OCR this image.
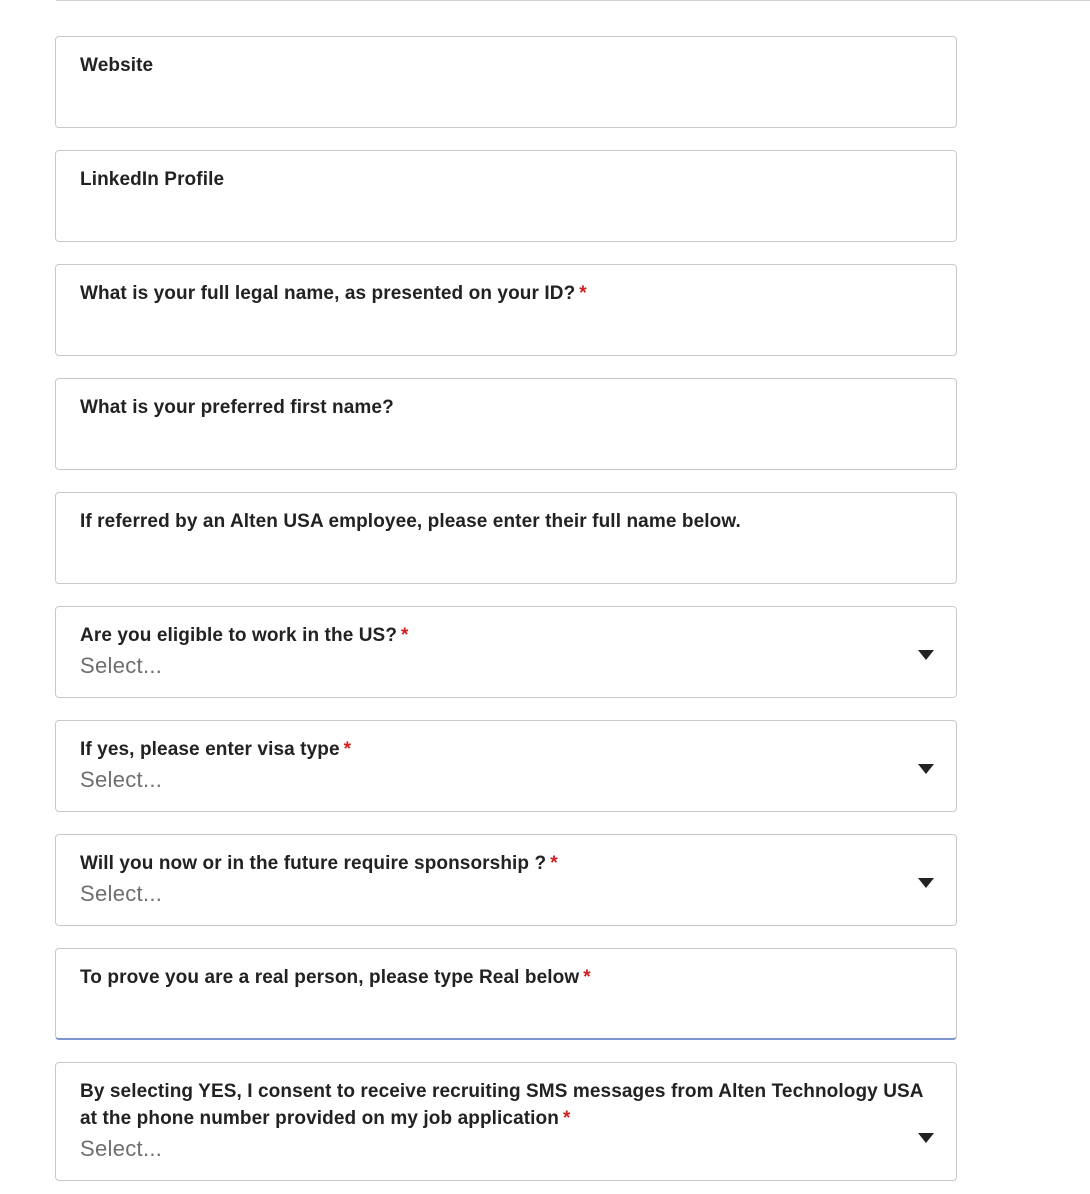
Website
LinkedIn Profile
What is your full legal name, as presented on your ID? *
What is your preferred first name?
If referred by an Alten USA employee, please enter their full name below.
Are you eligible to work in the US? *
Select...
If yes, please enter visa type *
Select...
Will you now or in the future require sponsorship ? *
Select...
To prove you are a real person, please type Real below *
By selecting YES, I consent to receive recruiting SMS messages from Alten Technology USA at the phone number provided on my job application *
Select...
